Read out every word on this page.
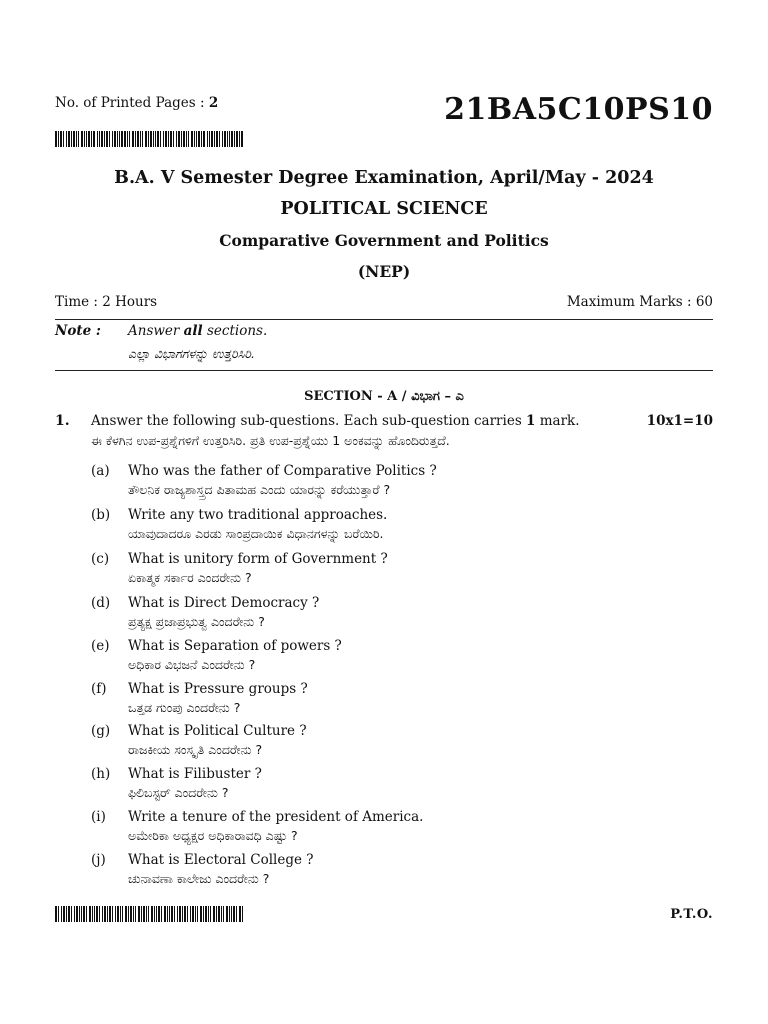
No. of Printed Pages : 2	21BA5C10PS10
B.A. V Semester Degree Examination, April/May - 2024
POLITICAL SCIENCE
Comparative Government and Politics
(NEP)
Time : 2 Hours	Maximum Marks : 60
Note : Answer all sections.
ಎಲ್ಲಾ ವಿಭಾಗಗಳನ್ನು ಉತ್ತರಿಸಿರಿ.
SECTION - A / ವಿಭಾಗ – ಎ
1. Answer the following sub-questions. Each sub-question carries 1 mark.	10x1=10
ಈ ಕೆಳಗಿನ ಉಪ-ಪ್ರಶ್ನೆಗಳಿಗೆ ಉತ್ತರಿಸಿರಿ. ಪ್ರತಿ ಉಪ-ಪ್ರಶ್ನೆಯು 1 ಅಂಕವನ್ನು ಹೊಂದಿರುತ್ತದೆ.
(a) Who was the father of Comparative Politics ?
ತೌಲನಿಕ ರಾಜ್ಯಶಾಸ್ತ್ರದ ಪಿತಾಮಹ ಎಂದು ಯಾರನ್ನು ಕರೆಯುತ್ತಾರೆ ?
(b) Write any two traditional approaches.
ಯಾವುದಾದರೂ ಎರಡು ಸಾಂಪ್ರದಾಯಿಕ ವಿಧಾನಗಳನ್ನು ಬರೆಯಿರಿ.
(c) What is unitory form of Government ?
ಏಕಾತ್ಮಕ ಸರ್ಕಾರ ಎಂದರೇನು ?
(d) What is Direct Democracy ?
ಪ್ರತ್ಯಕ್ಷ ಪ್ರಜಾಪ್ರಭುತ್ವ ಎಂದರೇನು ?
(e) What is Separation of powers ?
ಅಧಿಕಾರ ವಿಭಜನೆ ಎಂದರೇನು ?
(f) What is Pressure groups ?
ಒತ್ತಡ ಗುಂಪು ಎಂದರೇನು ?
(g) What is Political Culture ?
ರಾಜಕೀಯ ಸಂಸ್ಕೃತಿ ಎಂದರೇನು ?
(h) What is Filibuster ?
ಫಿಲಿಬಸ್ಟರ್ ಎಂದರೇನು ?
(i) Write a tenure of the president of America.
ಅಮೇರಿಕಾ ಅಧ್ಯಕ್ಷರ ಅಧಿಕಾರಾವಧಿ ಎಷ್ಟು ?
(j) What is Electoral College ?
ಚುನಾವಣಾ ಕಾಲೇಜು ಎಂದರೇನು ?
P.T.O.
